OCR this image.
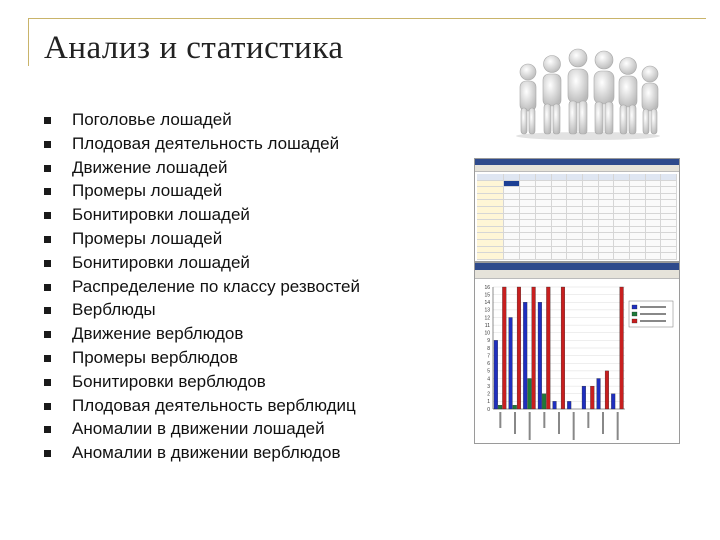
Анализ и статистика
Поголовье лошадей
Плодовая деятельность лошадей
Движение лошадей
Промеры лошадей
Бонитировки лошадей
Промеры лошадей
Бонитировки лошадей
Распределение по классу резвостей
Верблюды
Движение верблюдов
Промеры верблюдов
Бонитировки верблюдов
Плодовая деятельность верблюдиц
Аномалии в движении лошадей
Аномалии в движении верблюдов
0
1
2
3
4
5
6
7
8
9
10
11
12
13
14
15
16
